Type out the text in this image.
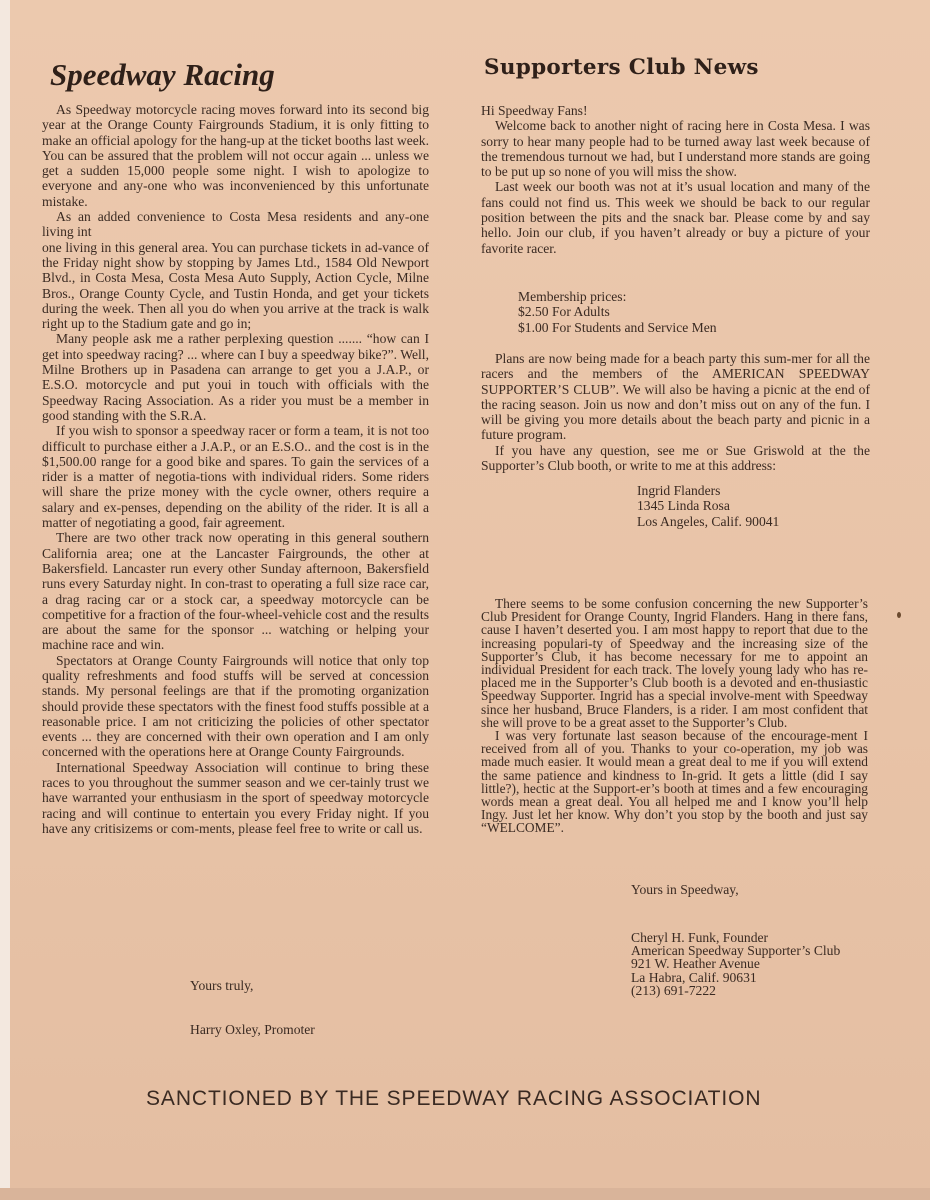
Speedway Racing

As Speedway motorcycle racing moves forward into its second big year at the Orange County Fairgrounds Stadium, it is only fitting to make an official apology for the hang-up at the ticket booths last week. You can be assured that the problem will not occur again ... unless we get a sudden 15,000 people some night. I wish to apologize to everyone and any-one who was inconvenienced by this unfortunate mistake.

As an added convenience to Costa Mesa residents and any-one living int

one living in this general area. You can purchase tickets in ad-vance of the Friday night show by stopping by James Ltd., 1584 Old Newport Blvd., in Costa Mesa, Costa Mesa Auto Supply, Action Cycle, Milne Bros., Orange County Cycle, and Tustin Honda, and get your tickets during the week. Then all you do when you arrive at the track is walk right up to the Stadium gate and go in;

Many people ask me a rather perplexing question ....... “how can I get into speedway racing? ... where can I buy a speedway bike?”. Well, Milne Brothers up in Pasadena can arrange to get you a J.A.P., or E.S.O. motorcycle and put youi in touch with officials with the Speedway Racing Association. As a rider you must be a member in good standing with the S.R.A.

If you wish to sponsor a speedway racer or form a team, it is not too difficult to purchase either a J.A.P., or an E.S.O.. and the cost is in the $1,500.00 range for a good bike and spares. To gain the services of a rider is a matter of negotia-tions with individual riders. Some riders will share the prize money with the cycle owner, others require a salary and ex-penses, depending on the ability of the rider. It is all a matter of negotiating a good, fair agreement.

There are two other track now operating in this general southern California area; one at the Lancaster Fairgrounds, the other at Bakersfield. Lancaster run every other Sunday afternoon, Bakersfield runs every Saturday night. In con-trast to operating a full size race car, a drag racing car or a stock car, a speedway motorcycle can be competitive for a fraction of the four-wheel-vehicle cost and the results are about the same for the sponsor ... watching or helping your machine race and win.

Spectators at Orange County Fairgrounds will notice that only top quality refreshments and food stuffs will be served at concession stands. My personal feelings are that if the promoting organization should provide these spectators with the finest food stuffs possible at a reasonable price. I am not criticizing the policies of other spectator events ... they are concerned with their own operation and I am only concerned with the operations here at Orange County Fairgrounds.

International Speedway Association will continue to bring these races to you throughout the summer season and we cer-tainly trust we have warranted your enthusiasm in the sport of speedway motorcycle racing and will continue to entertain you every Friday night. If you have any critisizems or com-ments, please feel free to write or call us.

Yours truly,
Harry Oxley, Promoter
Supporters Club News

Hi Speedway Fans!

Welcome back to another night of racing here in Costa Mesa. I was sorry to hear many people had to be turned away last week because of the tremendous turnout we had, but I understand more stands are going to be put up so none of you will miss the show.

Last week our booth was not at it’s usual location and many of the fans could not find us. This week we should be back to our regular position between the pits and the snack bar. Please come by and say hello. Join our club, if you haven’t already or buy a picture of your favorite racer.

Membership prices:
$2.50 For Adults
$1.00 For Students and Service Men

Plans are now being made for a beach party this sum-mer for all the racers and the members of the AMERICAN SPEEDWAY SUPPORTER’S CLUB”. We will also be having a picnic at the end of the racing season. Join us now and don’t miss out on any of the fun. I will be giving you more details about the beach party and picnic in a future program.

If you have any question, see me or Sue Griswold at the the Supporter’s Club booth, or write to me at this address:

Ingrid Flanders
1345 Linda Rosa
Los Angeles, Calif. 90041

There seems to be some confusion concerning the new Supporter’s Club President for Orange County, Ingrid Flanders. Hang in there fans, cause I haven’t deserted you. I am most happy to report that due to the increasing populari-ty of Speedway and the increasing size of the Supporter’s Club, it has become necessary for me to appoint an individual President for each track. The lovely young lady who has re-placed me in the Supporter’s Club booth is a devoted and en-thusiastic Speedway Supporter. Ingrid has a special involve-ment with Speedway since her husband, Bruce Flanders, is a rider. I am most confident that she will prove to be a great asset to the Supporter’s Club.

I was very fortunate last season because of the encourage-ment I received from all of you. Thanks to your co-operation, my job was made much easier. It would mean a great deal to me if you will extend the same patience and kindness to In-grid. It gets a little (did I say little?), hectic at the Support-er’s booth at times and a few encouraging words mean a great deal. You all helped me and I know you’ll help Ingy. Just let her know. Why don’t you stop by the booth and just say “WELCOME”.

Yours in Speedway,
Cheryl H. Funk, Founder
American Speedway Supporter’s Club
921 W. Heather Avenue
La Habra, Calif. 90631
(213) 691-7222
SANCTIONED BY THE SPEEDWAY RACING ASSOCIATION
